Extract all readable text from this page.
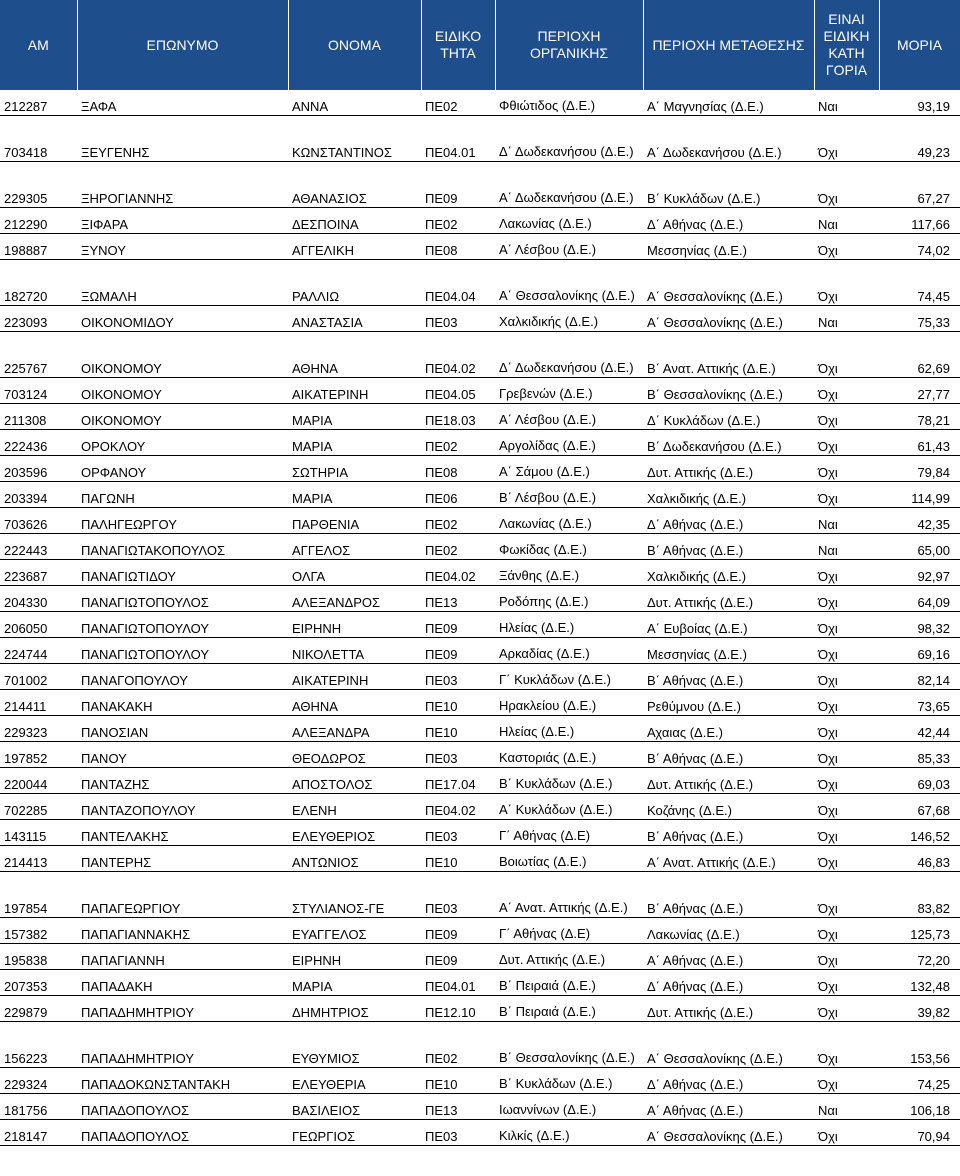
ΑΜ	ΕΠΩΝΥΜΟ	ΟΝΟΜΑ	ΕΙΔΙΚΟ ΤΗΤΑ	ΠΕΡΙΟΧΗ ΟΡΓΑΝΙΚΗΣ	ΠΕΡΙΟΧΗ ΜΕΤΑΘΕΣΗΣ	ΕΙΝΑΙ ΕΙΔΙΚΗ ΚΑΤΗ ΓΟΡΙΑ	ΜΟΡΙΑ
212287	ΞΑΦΑ	ΑΝΝΑ	ΠΕ02	Φθιώτιδος (Δ.Ε.)	Α΄ Μαγνησίας (Δ.Ε.)	Ναι	93,19
703418	ΞΕΥΓΕΝΗΣ	ΚΩΝΣΤΑΝΤΙΝΟΣ	ΠΕ04.01	Δ΄ Δωδεκανήσου (Δ.Ε.)	Α΄ Δωδεκανήσου (Δ.Ε.)	Όχι	49,23
229305	ΞΗΡΟΓΙΑΝΝΗΣ	ΑΘΑΝΑΣΙΟΣ	ΠΕ09	Α΄ Δωδεκανήσου (Δ.Ε.)	Β΄ Κυκλάδων (Δ.Ε.)	Όχι	67,27
212290	ΞΙΦΑΡΑ	ΔΕΣΠΟΙΝΑ	ΠΕ02	Λακωνίας (Δ.Ε.)	Δ΄ Αθήνας (Δ.Ε.)	Ναι	117,66
198887	ΞΥΝΟΥ	ΑΓΓΕΛΙΚΗ	ΠΕ08	Α΄ Λέσβου (Δ.Ε.)	Μεσσηνίας (Δ.Ε.)	Όχι	74,02
182720	ΞΩΜΑΛΗ	ΡΑΛΛΙΩ	ΠΕ04.04	Α΄ Θεσσαλονίκης (Δ.Ε.)	Α΄ Θεσσαλονίκης (Δ.Ε.)	Όχι	74,45
223093	ΟΙΚΟΝΟΜΙΔΟΥ	ΑΝΑΣΤΑΣΙΑ	ΠΕ03	Χαλκιδικής (Δ.Ε.)	Α΄ Θεσσαλονίκης (Δ.Ε.)	Ναι	75,33
225767	ΟΙΚΟΝΟΜΟΥ	ΑΘΗΝΑ	ΠΕ04.02	Δ΄ Δωδεκανήσου (Δ.Ε.)	Β΄ Ανατ. Αττικής (Δ.Ε.)	Όχι	62,69
703124	ΟΙΚΟΝΟΜΟΥ	ΑΙΚΑΤΕΡΙΝΗ	ΠΕ04.05	Γρεβενών (Δ.Ε.)	Β΄ Θεσσαλονίκης (Δ.Ε.)	Όχι	27,77
211308	ΟΙΚΟΝΟΜΟΥ	ΜΑΡΙΑ	ΠΕ18.03	Α΄ Λέσβου (Δ.Ε.)	Δ΄ Κυκλάδων (Δ.Ε.)	Όχι	78,21
222436	ΟΡΟΚΛΟΥ	ΜΑΡΙΑ	ΠΕ02	Αργολίδας (Δ.Ε.)	Β΄ Δωδεκανήσου (Δ.Ε.)	Όχι	61,43
203596	ΟΡΦΑΝΟΥ	ΣΩΤΗΡΙΑ	ΠΕ08	Α΄ Σάμου (Δ.Ε.)	Δυτ. Αττικής (Δ.Ε.)	Όχι	79,84
203394	ΠΑΓΩΝΗ	ΜΑΡΙΑ	ΠΕ06	Β΄ Λέσβου (Δ.Ε.)	Χαλκιδικής (Δ.Ε.)	Όχι	114,99
703626	ΠΑΛΗΓΕΩΡΓΟΥ	ΠΑΡΘΕΝΙΑ	ΠΕ02	Λακωνίας (Δ.Ε.)	Δ΄ Αθήνας (Δ.Ε.)	Ναι	42,35
222443	ΠΑΝΑΓΙΩΤΑΚΟΠΟΥΛΟΣ	ΑΓΓΕΛΟΣ	ΠΕ02	Φωκίδας (Δ.Ε.)	Β΄ Αθήνας (Δ.Ε.)	Ναι	65,00
223687	ΠΑΝΑΓΙΩΤΙΔΟΥ	ΟΛΓΑ	ΠΕ04.02	Ξάνθης (Δ.Ε.)	Χαλκιδικής (Δ.Ε.)	Όχι	92,97
204330	ΠΑΝΑΓΙΩΤΟΠΟΥΛΟΣ	ΑΛΕΞΑΝΔΡΟΣ	ΠΕ13	Ροδόπης (Δ.Ε.)	Δυτ. Αττικής (Δ.Ε.)	Όχι	64,09
206050	ΠΑΝΑΓΙΩΤΟΠΟΥΛΟΥ	ΕΙΡΗΝΗ	ΠΕ09	Ηλείας (Δ.Ε.)	Α΄ Ευβοίας (Δ.Ε.)	Όχι	98,32
224744	ΠΑΝΑΓΙΩΤΟΠΟΥΛΟΥ	ΝΙΚΟΛΕΤΤΑ	ΠΕ09	Αρκαδίας (Δ.Ε.)	Μεσσηνίας (Δ.Ε.)	Όχι	69,16
701002	ΠΑΝΑΓΟΠΟΥΛΟΥ	ΑΙΚΑΤΕΡΙΝΗ	ΠΕ03	Γ΄ Κυκλάδων (Δ.Ε.)	Β΄ Αθήνας (Δ.Ε.)	Όχι	82,14
214411	ΠΑΝΑΚΑΚΗ	ΑΘΗΝΑ	ΠΕ10	Ηρακλείου (Δ.Ε.)	Ρεθύμνου (Δ.Ε.)	Όχι	73,65
229323	ΠΑΝΟΣΙΑΝ	ΑΛΕΞΑΝΔΡΑ	ΠΕ10	Ηλείας (Δ.Ε.)	Αχαιας (Δ.Ε.)	Όχι	42,44
197852	ΠΑΝΟΥ	ΘΕΟΔΩΡΟΣ	ΠΕ03	Καστοριάς (Δ.Ε.)	Β΄ Αθήνας (Δ.Ε.)	Όχι	85,33
220044	ΠΑΝΤΑΖΗΣ	ΑΠΟΣΤΟΛΟΣ	ΠΕ17.04	Β΄ Κυκλάδων (Δ.Ε.)	Δυτ. Αττικής (Δ.Ε.)	Όχι	69,03
702285	ΠΑΝΤΑΖΟΠΟΥΛΟΥ	ΕΛΕΝΗ	ΠΕ04.02	Α΄ Κυκλάδων (Δ.Ε.)	Κοζάνης (Δ.Ε.)	Όχι	67,68
143115	ΠΑΝΤΕΛΑΚΗΣ	ΕΛΕΥΘΕΡΙΟΣ	ΠΕ03	Γ΄ Αθήνας (Δ.Ε)	Β΄ Αθήνας (Δ.Ε.)	Όχι	146,52
214413	ΠΑΝΤΕΡΗΣ	ΑΝΤΩΝΙΟΣ	ΠΕ10	Βοιωτίας (Δ.Ε.)	Α΄ Ανατ. Αττικής (Δ.Ε.)	Όχι	46,83
197854	ΠΑΠΑΓΕΩΡΓΙΟΥ	ΣΤΥΛΙΑΝΟΣ-ΓΕ	ΠΕ03	Α΄ Ανατ. Αττικής (Δ.Ε.)	Β΄ Αθήνας (Δ.Ε.)	Όχι	83,82
157382	ΠΑΠΑΓΙΑΝΝΑΚΗΣ	ΕΥΑΓΓΕΛΟΣ	ΠΕ09	Γ΄ Αθήνας (Δ.Ε)	Λακωνίας (Δ.Ε.)	Όχι	125,73
195838	ΠΑΠΑΓΙΑΝΝΗ	ΕΙΡΗΝΗ	ΠΕ09	Δυτ. Αττικής (Δ.Ε.)	Α΄ Αθήνας (Δ.Ε.)	Όχι	72,20
207353	ΠΑΠΑΔΑΚΗ	ΜΑΡΙΑ	ΠΕ04.01	Β΄ Πειραιά (Δ.Ε.)	Δ΄ Αθήνας (Δ.Ε.)	Όχι	132,48
229879	ΠΑΠΑΔΗΜΗΤΡΙΟΥ	ΔΗΜΗΤΡΙΟΣ	ΠΕ12.10	Β΄ Πειραιά (Δ.Ε.)	Δυτ. Αττικής (Δ.Ε.)	Όχι	39,82
156223	ΠΑΠΑΔΗΜΗΤΡΙΟΥ	ΕΥΘΥΜΙΟΣ	ΠΕ02	Β΄ Θεσσαλονίκης (Δ.Ε.)	Α΄ Θεσσαλονίκης (Δ.Ε.)	Όχι	153,56
229324	ΠΑΠΑΔΟΚΩΝΣΤΑΝΤΑΚΗ	ΕΛΕΥΘΕΡΙΑ	ΠΕ10	Β΄ Κυκλάδων (Δ.Ε.)	Δ΄ Αθήνας (Δ.Ε.)	Όχι	74,25
181756	ΠΑΠΑΔΟΠΟΥΛΟΣ	ΒΑΣΙΛΕΙΟΣ	ΠΕ13	Ιωαννίνων (Δ.Ε.)	Α΄ Αθήνας (Δ.Ε.)	Ναι	106,18
218147	ΠΑΠΑΔΟΠΟΥΛΟΣ	ΓΕΩΡΓΙΟΣ	ΠΕ03	Κιλκίς (Δ.Ε.)	Α΄ Θεσσαλονίκης (Δ.Ε.)	Όχι	70,94
